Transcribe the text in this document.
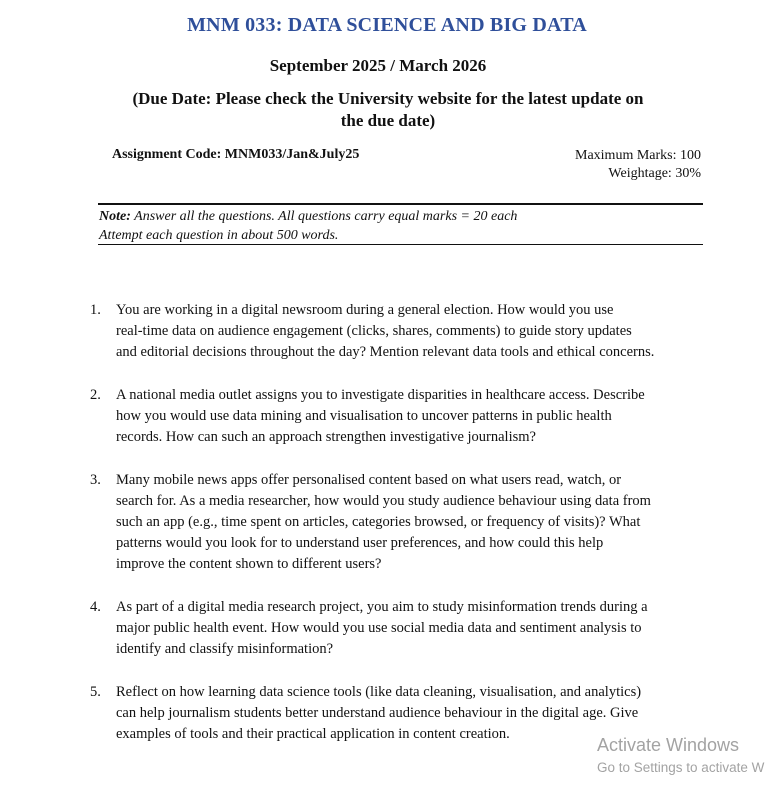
MNM 033: DATA SCIENCE AND BIG DATA
September 2025 / March 2026
(Due Date: Please check the University website for the latest update on
the due date)
Assignment Code: MNM033/Jan&July25	Maximum Marks: 100
Weightage: 30%
Note: Answer all the questions. All questions carry equal marks = 20 each
Attempt each question in about 500 words.
1. You are working in a digital newsroom during a general election. How would you use
real-time data on audience engagement (clicks, shares, comments) to guide story updates
and editorial decisions throughout the day? Mention relevant data tools and ethical concerns.
2. A national media outlet assigns you to investigate disparities in healthcare access. Describe
how you would use data mining and visualisation to uncover patterns in public health
records. How can such an approach strengthen investigative journalism?
3. Many mobile news apps offer personalised content based on what users read, watch, or
search for. As a media researcher, how would you study audience behaviour using data from
such an app (e.g., time spent on articles, categories browsed, or frequency of visits)? What
patterns would you look for to understand user preferences, and how could this help
improve the content shown to different users?
4. As part of a digital media research project, you aim to study misinformation trends during a
major public health event. How would you use social media data and sentiment analysis to
identify and classify misinformation?
5. Reflect on how learning data science tools (like data cleaning, visualisation, and analytics)
can help journalism students better understand audience behaviour in the digital age. Give
examples of tools and their practical application in content creation.
Activate Windows
Go to Settings to activate W
